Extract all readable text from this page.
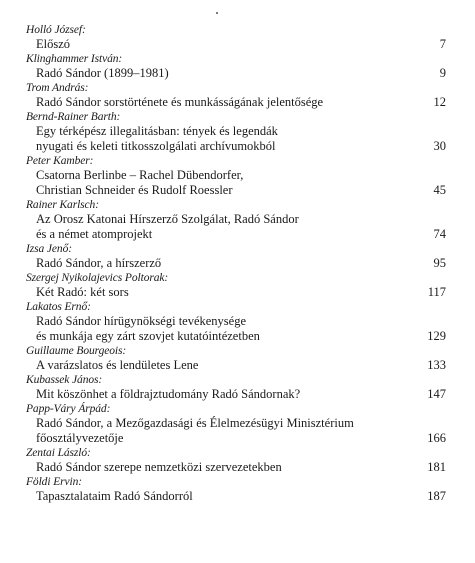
Holló József:
Előszó	7
Klinghammer István:
Radó Sándor (1899–1981)	9
Trom András:
Radó Sándor sorstörténete és munkásságának jelentősége	12
Bernd-Rainer Barth:
Egy térképész illegalitásban: tények és legendák
nyugati és keleti titkosszolgálati archívumokból	30
Peter Kamber:
Csatorna Berlinbe – Rachel Dübendorfer,
Christian Schneider és Rudolf Roessler	45
Rainer Karlsch:
Az Orosz Katonai Hírszerző Szolgálat, Radó Sándor
és a német atomprojekt	74
Izsa Jenő:
Radó Sándor, a hírszerző	95
Szergej Nyikolajevics Poltorak:
Két Radó: két sors	117
Lakatos Ernő:
Radó Sándor hírügynökségi tevékenysége
és munkája egy zárt szovjet kutatóintézetben	129
Guillaume Bourgeois:
A varázslatos és lendületes Lene	133
Kubassek János:
Mit köszönhet a földrajztudomány Radó Sándornak?	147
Papp-Váry Árpád:
Radó Sándor, a Mezőgazdasági és Élelmezésügyi Minisztérium
főosztályvezetője	166
Zentai László:
Radó Sándor szerepe nemzetközi szervezetekben	181
Földi Ervin:
Tapasztalataim Radó Sándorról	187
